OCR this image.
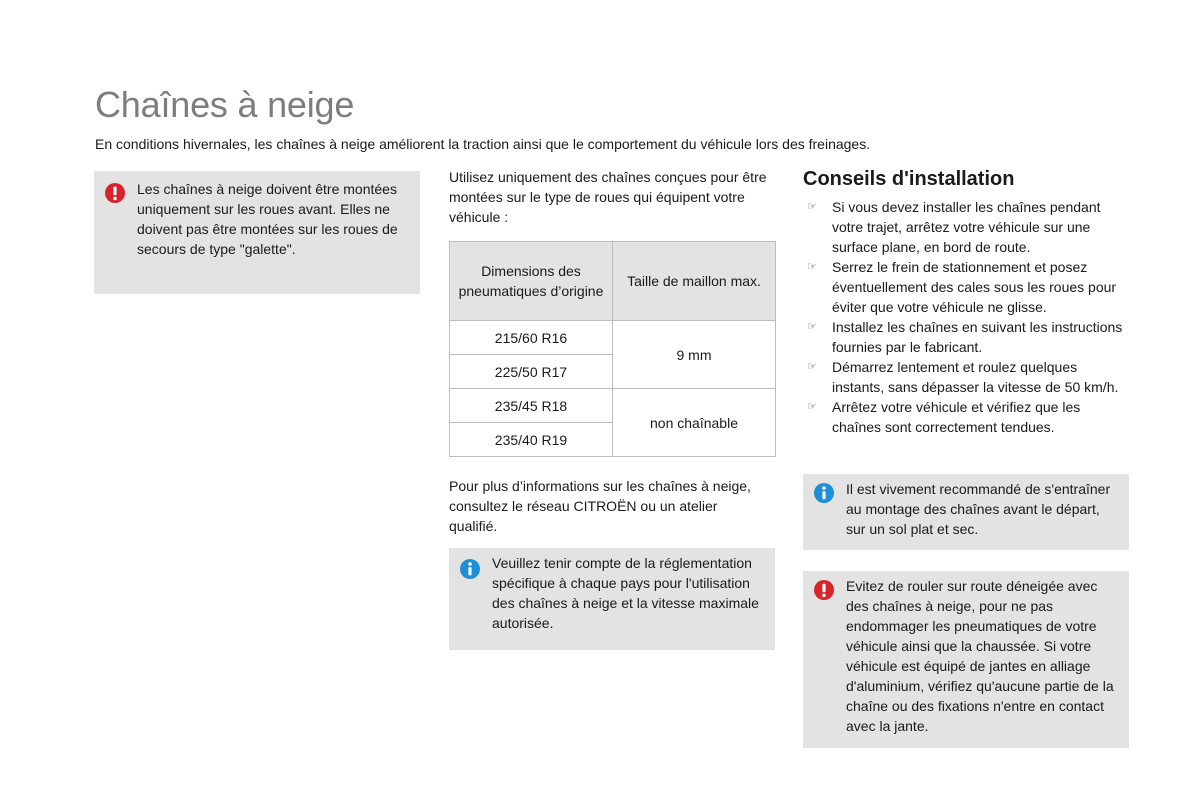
Chaînes à neige
En conditions hivernales, les chaînes à neige améliorent la traction ainsi que le comportement du véhicule lors des freinages.
Les chaînes à neige doivent être montées uniquement sur les roues avant. Elles ne doivent pas être montées sur les roues de secours de type "galette".
Utilisez uniquement des chaînes conçues pour être montées sur le type de roues qui équipent votre véhicule :
Dimensions des pneumatiques d’origine	Taille de maillon max.
215/60 R16	9 mm
225/50 R17	
235/45 R18	non chaînable
235/40 R19	
Pour plus d’informations sur les chaînes à neige, consultez le réseau CITROËN ou un atelier qualifié.
Veuillez tenir compte de la réglementation spécifique à chaque pays pour l'utilisation des chaînes à neige et la vitesse maximale autorisée.
Conseils d'installation
☞ Si vous devez installer les chaînes pendant votre trajet, arrêtez votre véhicule sur une surface plane, en bord de route.
☞ Serrez le frein de stationnement et posez éventuellement des cales sous les roues pour éviter que votre véhicule ne glisse.
☞ Installez les chaînes en suivant les instructions fournies par le fabricant.
☞ Démarrez lentement et roulez quelques instants, sans dépasser la vitesse de 50 km/h.
☞ Arrêtez votre véhicule et vérifiez que les chaînes sont correctement tendues.
Il est vivement recommandé de s'entraîner au montage des chaînes avant le départ, sur un sol plat et sec.
Evitez de rouler sur route déneigée avec des chaînes à neige, pour ne pas endommager les pneumatiques de votre véhicule ainsi que la chaussée. Si votre véhicule est équipé de jantes en alliage d'aluminium, vérifiez qu'aucune partie de la chaîne ou des fixations n'entre en contact avec la jante.
